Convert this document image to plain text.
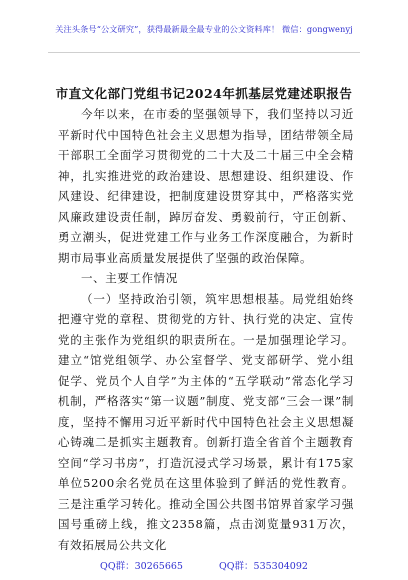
关注头条号“公文研究”，获得最新最全最专业的公文资料库！ 微信：gongwenyj
市直文化部门党组书记2024年抓基层党建述职报告

今年以来，在市委的坚强领导下，我们坚持以习近平新时代中国特色社会主义思想为指导，团结带领全局干部职工全面学习贯彻党的二十大及二十届三中全会精神，扎实推进党的政治建设、思想建设、组织建设、作风建设、纪律建设，把制度建设贯穿其中，严格落实党风廉政建设责任制，踔厉奋发、勇毅前行，守正创新、勇立潮头，促进党建工作与业务工作深度融合，为新时期市局事业高质量发展提供了坚强的政治保障。

一、主要工作情况

（一）坚持政治引领，筑牢思想根基。局党组始终把遵守党的章程、贯彻党的方针、执行党的决定、宣传党的主张作为党组织的职责所在。一是加强理论学习。建立“馆党组领学、办公室督学、党支部研学、党小组促学、党员个人自学”为主体的“五学联动”常态化学习机制，严格落实“第一议题”制度、党支部“三会一课”制度，坚持不懈用习近平新时代中国特色社会主义思想凝心铸魂二是抓实主题教育。创新打造全省首个主题教育空间“学习书房”，打造沉浸式学习场景，累计有175家单位5200余名党员在这里体验到了鲜活的党性教育。三是注重学习转化。推动全国公共图书馆界首家学习强国号重磅上线，推文2358篇，点击浏览量931万次，有效拓展局公共文化

QQ群：30265665	QQ群：535304092
